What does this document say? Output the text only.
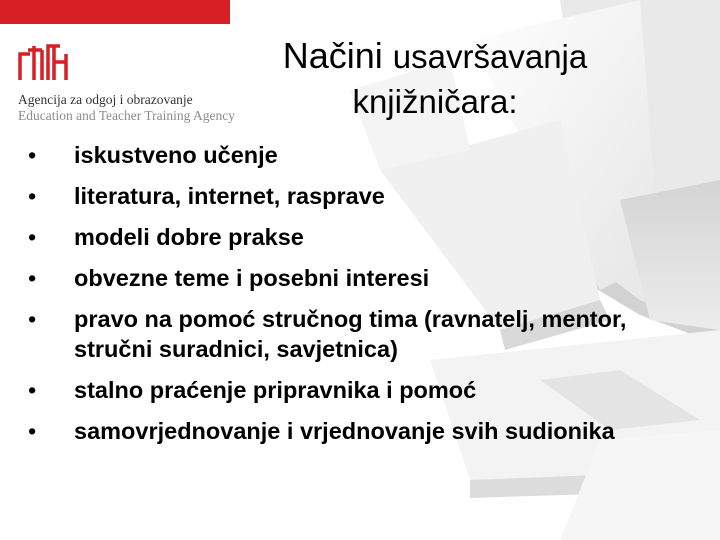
Agencija za odgoj i obrazovanje
Education and Teacher Training Agency
Načini usavršavanja
knjižničara:
• iskustveno učenje
• literatura, internet, rasprave
• modeli dobre prakse
• obvezne teme i posebni interesi
• pravo na pomoć stručnog tima (ravnatelj, mentor, stručni suradnici, savjetnica)
• stalno praćenje pripravnika i pomoć
• samovrjednovanje i vrjednovanje svih sudionika
